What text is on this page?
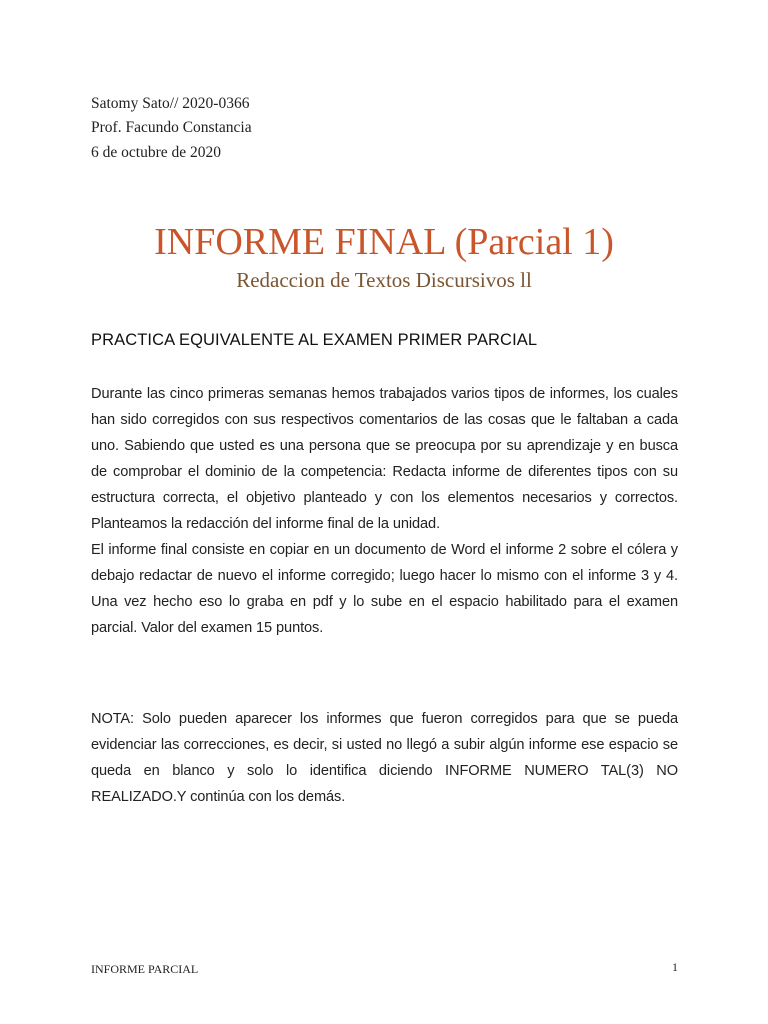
Satomy Sato// 2020-0366
Prof. Facundo Constancia
6 de octubre de 2020
INFORME FINAL (Parcial 1)
Redaccion de Textos Discursivos ll
PRACTICA EQUIVALENTE AL EXAMEN PRIMER PARCIAL
Durante las cinco primeras semanas hemos trabajados varios tipos de informes, los cuales han sido corregidos con sus respectivos comentarios de las cosas que le faltaban a cada uno. Sabiendo que usted es una persona que se preocupa por su aprendizaje y en busca de comprobar el dominio de la competencia: Redacta informe de diferentes tipos con su estructura correcta, el objetivo planteado y con los elementos necesarios y correctos. Planteamos la redacción del informe final de la unidad.
El informe final consiste en copiar en un documento de Word el informe 2 sobre el cólera y debajo redactar de nuevo el informe corregido; luego hacer lo mismo con el informe 3 y 4. Una vez hecho eso lo graba en pdf y lo sube en el espacio habilitado para el examen parcial. Valor del examen 15 puntos.
NOTA: Solo pueden aparecer los informes que fueron corregidos para que se pueda evidenciar las correcciones, es decir, si usted no llegó a subir algún informe ese espacio se queda en blanco y solo lo identifica diciendo INFORME NUMERO TAL(3) NO REALIZADO.Y continúa con los demás.
INFORME PARCIAL	1
